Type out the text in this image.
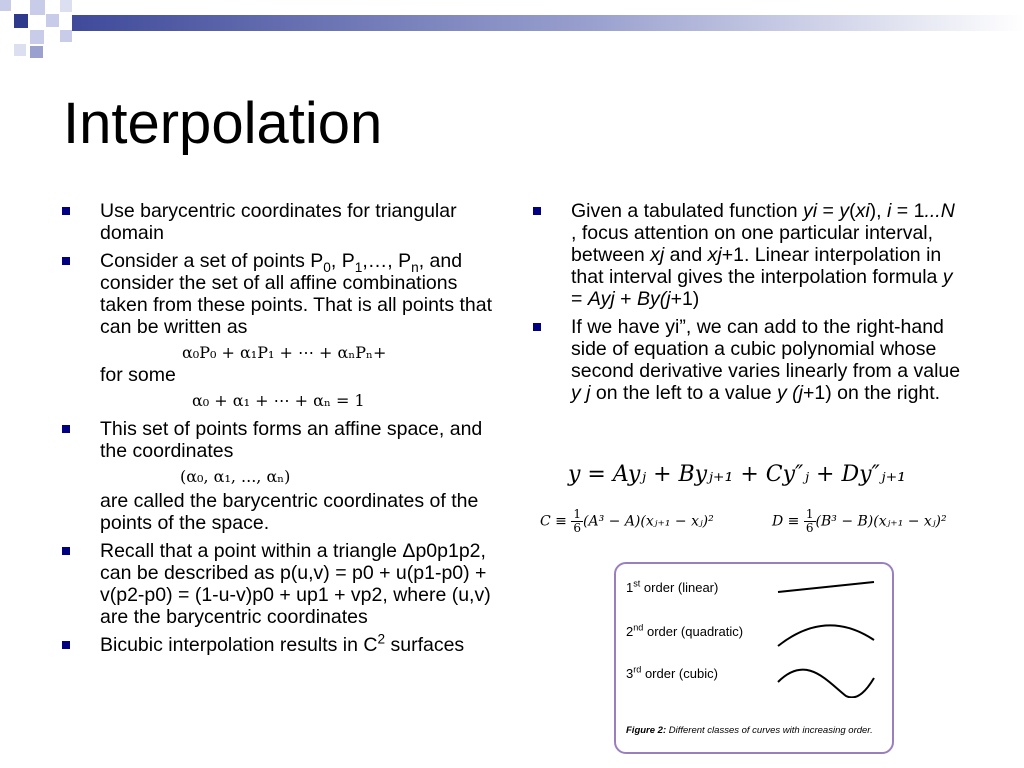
Interpolation
Use barycentric coordinates for triangular domain
Consider a set of points $P_0$, $P_1,\dots$, $P_n$, and consider the set of all affine combinations taken from these points. That is all points that can be written as
α₀P₀ + α₁P₁ + ⋯ + αₙPₙ+
for some
α₀ + α₁ + ⋯ + αₙ = 1
This set of points forms an affine space, and the coordinates
(α₀, α₁, ..., αₙ)
are called the barycentric coordinates of the points of the space.
Recall that a point within a triangle Δp0p1p2, can be described as p(u,v) = p0 + u(p1-p0) + v(p2-p0) = (1-u-v)p0 + up1 + vp2, where (u,v) are the barycentric coordinates
Bicubic interpolation results in $C^2$ surfaces
Given a tabulated function yi = y(xi), i = 1...N , focus attention on one particular interval, between xj and xj+1. Linear interpolation in that interval gives the interpolation formula y = Ayj + By(j+1)
If we have yi”, we can add to the right-hand side of equation a cubic polynomial whose second derivative varies linearly from a value y j on the left to a value y (j+1) on the right.
y = Ayⱼ + Byⱼ₊₁ + Cy″ⱼ + Dy″ⱼ₊₁
$C \equiv \frac{1}{6} (A^3$ − A)(xⱼ₊₁ − xⱼ)²	$D \equiv \frac{1}{6} (B^3$ − B)(xⱼ₊₁ − xⱼ)²
1st order (linear)
2nd order (quadratic)
3rd order (cubic)
Figure 2: Different classes of curves with increasing order.
